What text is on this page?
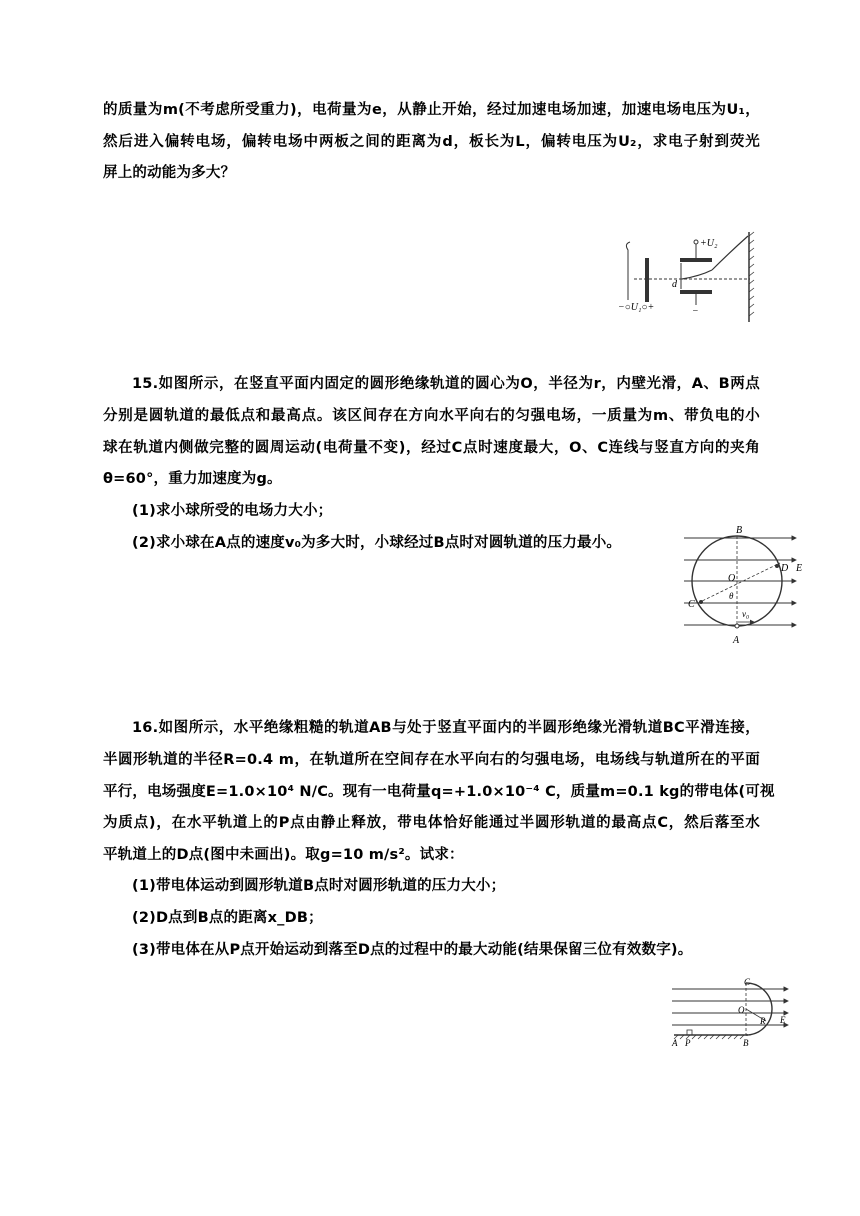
的质量为m(不考虑所受重力)，电荷量为e，从静止开始，经过加速电场加速，加速电场电压为U₁，
然后进入偏转电场，偏转电场中两板之间的距离为d，板长为L，偏转电压为U₂，求电子射到荧光
屏上的动能为多大？
+U₂
d
−
−○U₁○+
15.如图所示，在竖直平面内固定的圆形绝缘轨道的圆心为O，半径为r，内壁光滑，A、B两点
分别是圆轨道的最低点和最高点。该区间存在方向水平向右的匀强电场，一质量为m、带负电的小
球在轨道内侧做完整的圆周运动(电荷量不变)，经过C点时速度最大，O、C连线与竖直方向的夹角
θ=60°，重力加速度为g。
(1)求小球所受的电场力大小；
(2)求小球在A点的速度v₀为多大时，小球经过B点时对圆轨道的压力最小。
B
O
D E
C
θ
v₀
A
16.如图所示，水平绝缘粗糙的轨道AB与处于竖直平面内的半圆形绝缘光滑轨道BC平滑连接，
半圆形轨道的半径R=0.4 m，在轨道所在空间存在水平向右的匀强电场，电场线与轨道所在的平面
平行，电场强度E=1.0×10⁴ N/C。现有一电荷量q=+1.0×10⁻⁴ C，质量m=0.1 kg的带电体(可视
为质点)，在水平轨道上的P点由静止释放，带电体恰好能通过半圆形轨道的最高点C，然后落至水
平轨道上的D点(图中未画出)。取g=10 m/s²。试求：
(1)带电体运动到圆形轨道B点时对圆形轨道的压力大小；
(2)D点到B点的距离x_DB；
(3)带电体在从P点开始运动到落至D点的过程中的最大动能(结果保留三位有效数字)。
C
O
R E
A P	B
